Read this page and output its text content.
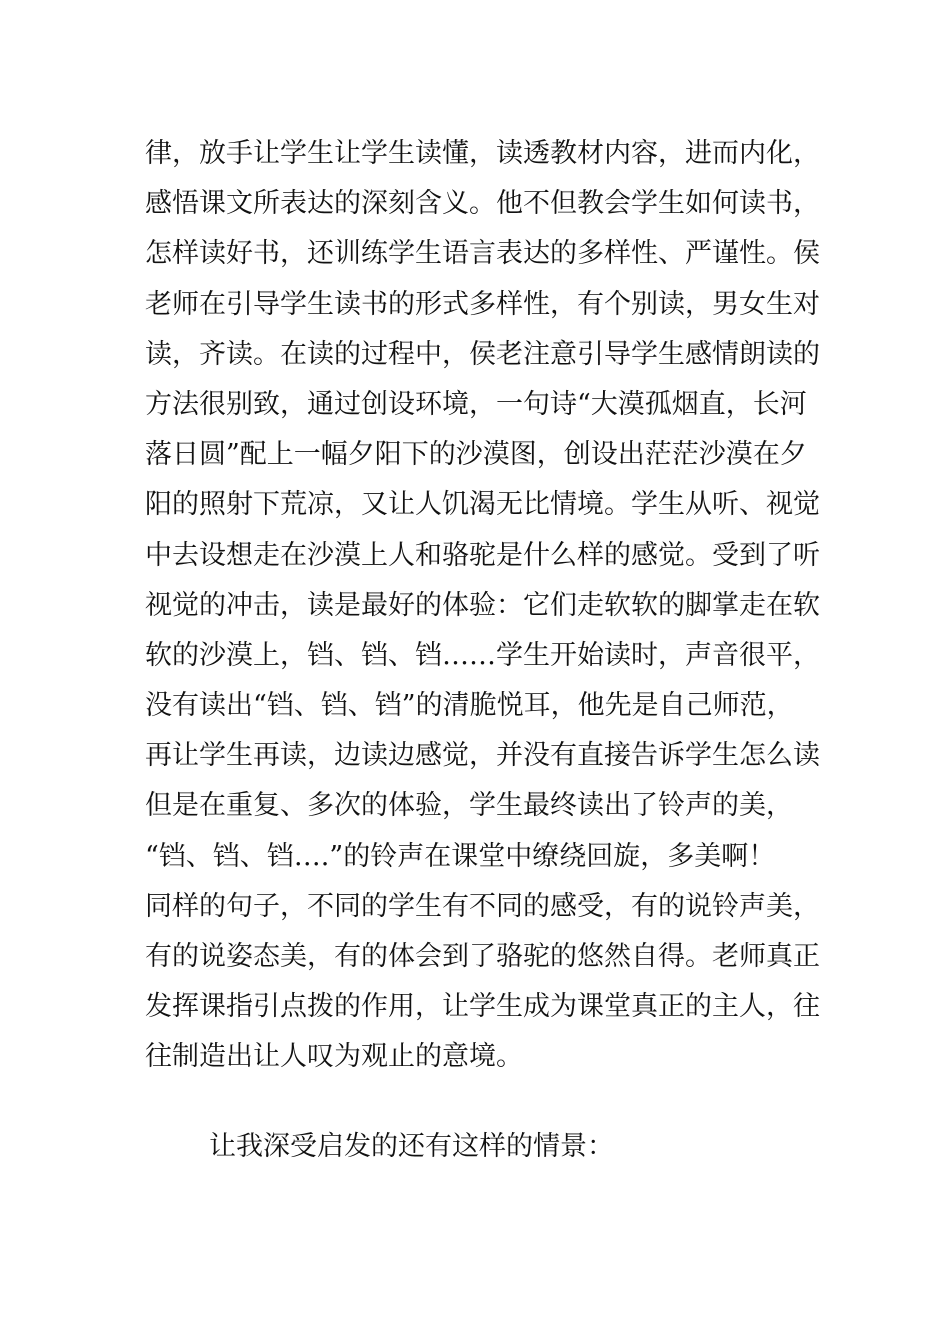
律，放手让学生让学生读懂，读透教材内容，进而内化，
感悟课文所表达的深刻含义。他不但教会学生如何读书，
怎样读好书，还训练学生语言表达的多样性、严谨性。侯
老师在引导学生读书的形式多样性，有个别读，男女生对
读，齐读。在读的过程中，侯老注意引导学生感情朗读的
方法很别致，通过创设环境，一句诗“大漠孤烟直，长河
落日圆”配上一幅夕阳下的沙漠图，创设出茫茫沙漠在夕
阳的照射下荒凉，又让人饥渴无比情境。学生从听、视觉
中去设想走在沙漠上人和骆驼是什么样的感觉。受到了听
视觉的冲击，读是最好的体验：它们走软软的脚掌走在软
软的沙漠上，铛、铛、铛……学生开始读时，声音很平，
没有读出“铛、铛、铛”的清脆悦耳，他先是自己师范，
再让学生再读，边读边感觉，并没有直接告诉学生怎么读
但是在重复、多次的体验，学生最终读出了铃声的美，
“铛、铛、铛….”的铃声在课堂中缭绕回旋，多美啊！
同样的句子，不同的学生有不同的感受，有的说铃声美，
有的说姿态美，有的体会到了骆驼的悠然自得。老师真正
发挥课指引点拨的作用，让学生成为课堂真正的主人，往
往制造出让人叹为观止的意境。
让我深受启发的还有这样的情景：
